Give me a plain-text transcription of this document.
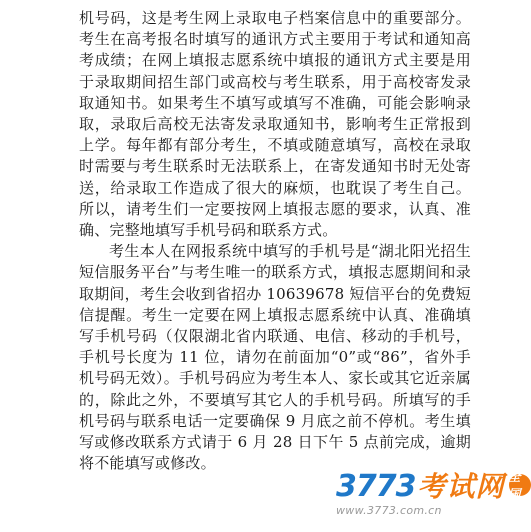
机号码，这是考生网上录取电子档案信息中的重要部分。考生在高考报名时填写的通讯方式主要用于考试和通知高考成绩；在网上填报志愿系统中填报的通讯方式主要是用于录取期间招生部门或高校与考生联系，用于高校寄发录取通知书。如果考生不填写或填写不准确，可能会影响录取，录取后高校无法寄发录取通知书，影响考生正常报到上学。每年都有部分考生，不填或随意填写，高校在录取时需要与考生联系时无法联系上，在寄发通知书时无处寄送，给录取工作造成了很大的麻烦，也耽误了考生自己。所以，请考生们一定要按网上填报志愿的要求，认真、准确、完整地填写手机号码和联系方式。

考生本人在网报系统中填写的手机号是“湖北阳光招生短信服务平台”与考生唯一的联系方式，填报志愿期间和录取期间，考生会收到省招办 10639678 短信平台的免费短信提醒。考生一定要在网上填报志愿系统中认真、准确填写手机号码（仅限湖北省内联通、电信、移动的手机号，手机号长度为 11 位，请勿在前面加“0”或“86”，省外手机号码无效）。手机号码应为考生本人、家长或其它近亲属的，除此之外，不要填写其它人的手机号码。所填写的手机号码与联系电话一定要确保 9 月底之前不停机。考生填写或修改联系方式请于 6 月 28 日下午 5 点前完成，逾期将不能填写或修改。

3773 考试网
www.3773.com.cn
全国
